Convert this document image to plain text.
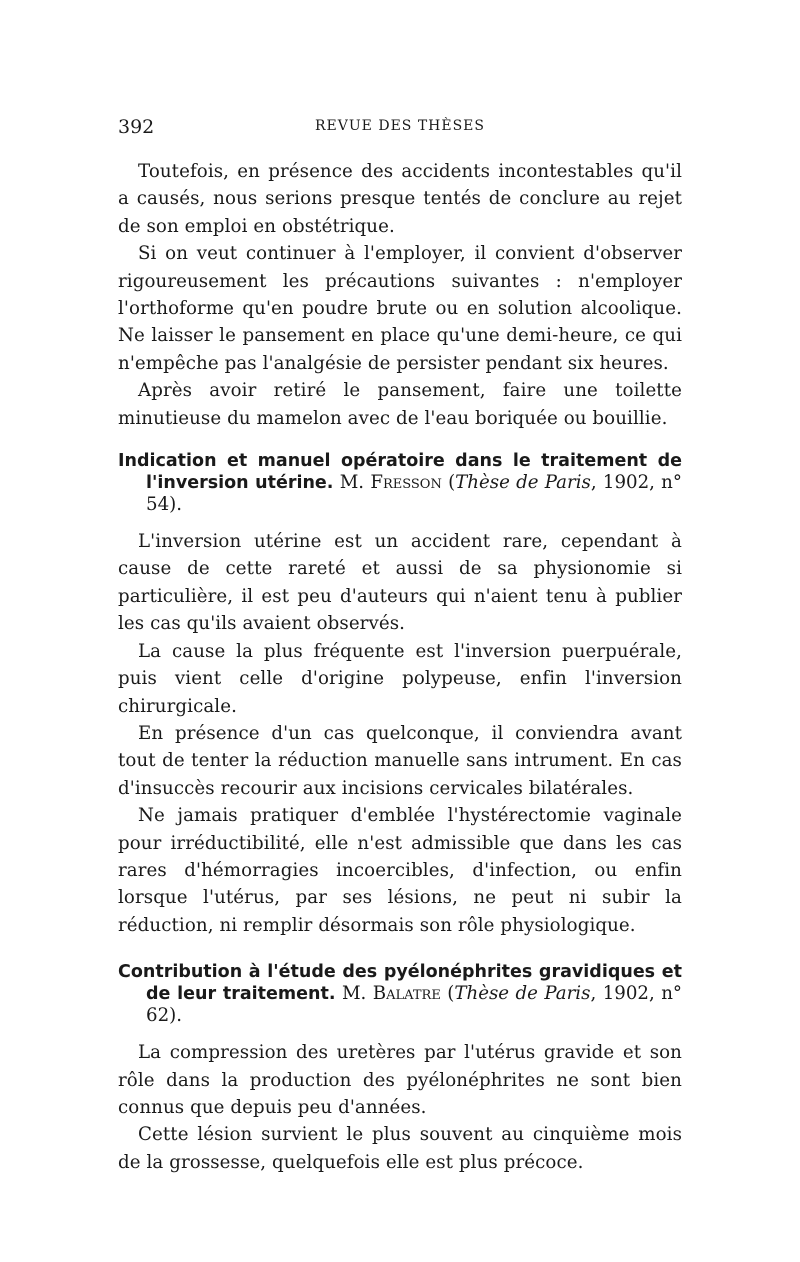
392	REVUE DES THÈSES

Toutefois, en présence des accidents incontestables qu'il a causés, nous serions presque tentés de conclure au rejet de son emploi en obstétrique.

Si on veut continuer à l'employer, il convient d'observer rigoureusement les précautions suivantes : n'employer l'orthoforme qu'en poudre brute ou en solution alcoolique. Ne laisser le pansement en place qu'une demi-heure, ce qui n'empêche pas l'analgésie de persister pendant six heures.

Après avoir retiré le pansement, faire une toilette minutieuse du mamelon avec de l'eau boriquée ou bouillie.

Indication et manuel opératoire dans le traitement de l'inversion utérine. M. Fresson (Thèse de Paris, 1902, n° 54).

L'inversion utérine est un accident rare, cependant à cause de cette rareté et aussi de sa physionomie si particulière, il est peu d'auteurs qui n'aient tenu à publier les cas qu'ils avaient observés.

La cause la plus fréquente est l'inversion puerpuérale, puis vient celle d'origine polypeuse, enfin l'inversion chirurgicale.

En présence d'un cas quelconque, il conviendra avant tout de tenter la réduction manuelle sans intrument. En cas d'insuccès recourir aux incisions cervicales bilatérales.

Ne jamais pratiquer d'emblée l'hystérectomie vaginale pour irréductibilité, elle n'est admissible que dans les cas rares d'hémorragies incoercibles, d'infection, ou enfin lorsque l'utérus, par ses lésions, ne peut ni subir la réduction, ni remplir désormais son rôle physiologique.

Contribution à l'étude des pyélonéphrites gravidiques et de leur traitement. M. Balatre (Thèse de Paris, 1902, n° 62).

La compression des uretères par l'utérus gravide et son rôle dans la production des pyélonéphrites ne sont bien connus que depuis peu d'années.

Cette lésion survient le plus souvent au cinquième mois de la grossesse, quelquefois elle est plus précoce.
